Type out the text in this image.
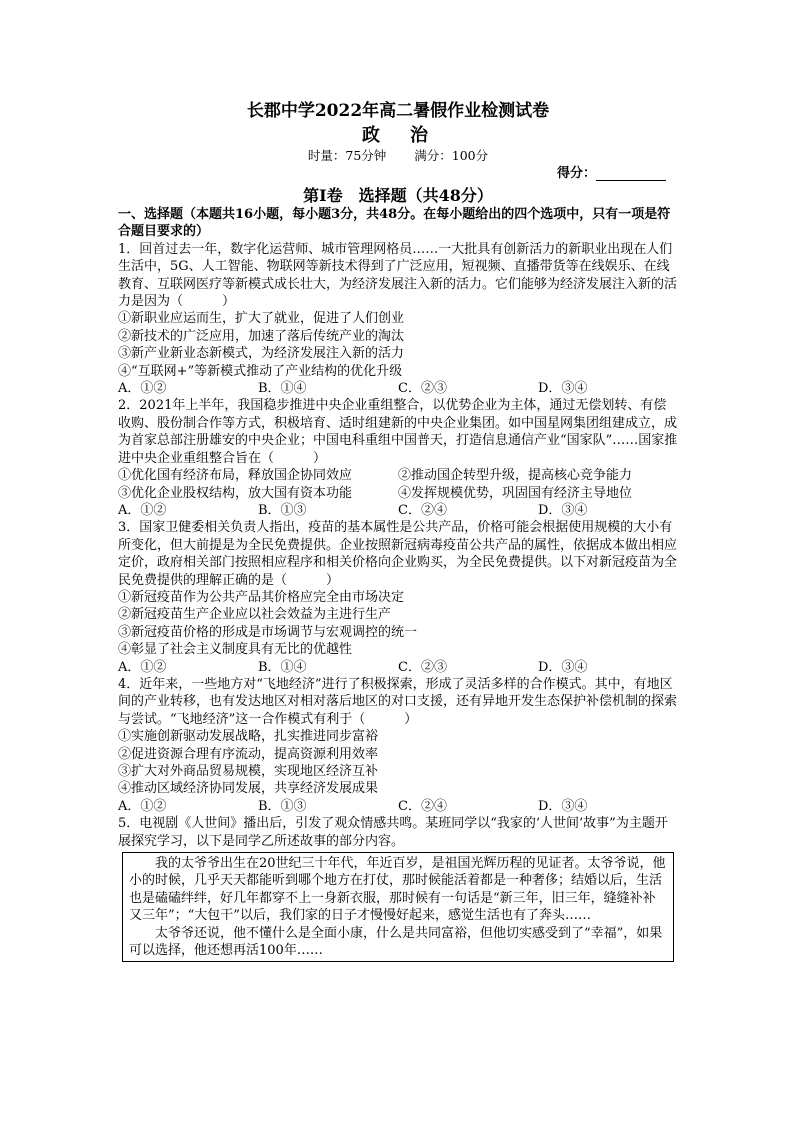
长郡中学2022年高二暑假作业检测试卷
政　治
时量：75分钟 满分：100分
得分：
第Ⅰ卷　选择题（共48分）

一、选择题（本题共16小题，每小题3分，共48分。在每小题给出的四个选项中，只有一项是符合题目要求的）

1．回首过去一年，数字化运营师、城市管理网格员……一大批具有创新活力的新职业出现在人们生活中，5G、人工智能、物联网等新技术得到了广泛应用，短视频、直播带货等在线娱乐、在线教育、互联网医疗等新模式成长壮大，为经济发展注入新的活力。它们能够为经济发展注入新的活力是因为（　　　）

①新职业应运而生，扩大了就业，促进了人们创业

②新技术的广泛应用，加速了落后传统产业的淘汰

③新产业新业态新模式，为经济发展注入新的活力

④“互联网+”等新模式推动了产业结构的优化升级

A．①②	B．①④	C．②③	D．③④

2．2021年上半年，我国稳步推进中央企业重组整合，以优势企业为主体，通过无偿划转、有偿收购、股份制合作等方式，积极培育、适时组建新的中央企业集团。如中国星网集团组建成立，成为首家总部注册雄安的中央企业；中国电科重组中国普天，打造信息通信产业“国家队”……国家推进中央企业重组整合旨在（　　　）

①优化国有经济布局，释放国企协同效应	②推动国企转型升级，提高核心竞争能力
③优化企业股权结构，放大国有资本功能	④发挥规模优势，巩固国有经济主导地位
A．①②	B．①③	C．②④	D．③④

3．国家卫健委相关负责人指出，疫苗的基本属性是公共产品，价格可能会根据使用规模的大小有所变化，但大前提是为全民免费提供。企业按照新冠病毒疫苗公共产品的属性，依据成本做出相应定价，政府相关部门按照相应程序和相关价格向企业购买，为全民免费提供。以下对新冠疫苗为全民免费提供的理解正确的是（　　　）

①新冠疫苗作为公共产品其价格应完全由市场决定

②新冠疫苗生产企业应以社会效益为主进行生产

③新冠疫苗价格的形成是市场调节与宏观调控的统一

④彰显了社会主义制度具有无比的优越性

A．①②	B．①④	C．②③	D．③④

4．近年来，一些地方对“飞地经济”进行了积极探索，形成了灵活多样的合作模式。其中，有地区间的产业转移，也有发达地区对相对落后地区的对口支援，还有异地开发生态保护补偿机制的探索与尝试。“飞地经济”这一合作模式有利于（　　　）

①实施创新驱动发展战略，扎实推进同步富裕

②促进资源合理有序流动，提高资源利用效率

③扩大对外商品贸易规模，实现地区经济互补

④推动区域经济协同发展，共享经济发展成果

A．①②	B．①③	C．②④	D．③④

5．电视剧《人世间》播出后，引发了观众情感共鸣。某班同学以“我家的‘人世间’故事”为主题开展探究学习，以下是同学乙所述故事的部分内容。

我的太爷爷出生在20世纪三十年代，年近百岁，是祖国光辉历程的见证者。太爷爷说，他小的时候，几乎天天都能听到哪个地方在打仗，那时候能活着都是一种奢侈；结婚以后，生活也是磕磕绊绊，好几年都穿不上一身新衣服，那时候有一句话是“新三年，旧三年，缝缝补补又三年”；“大包干”以后，我们家的日子才慢慢好起来，感觉生活也有了奔头……

太爷爷还说，他不懂什么是全面小康，什么是共同富裕，但他切实感受到了“幸福”，如果可以选择，他还想再活100年……
